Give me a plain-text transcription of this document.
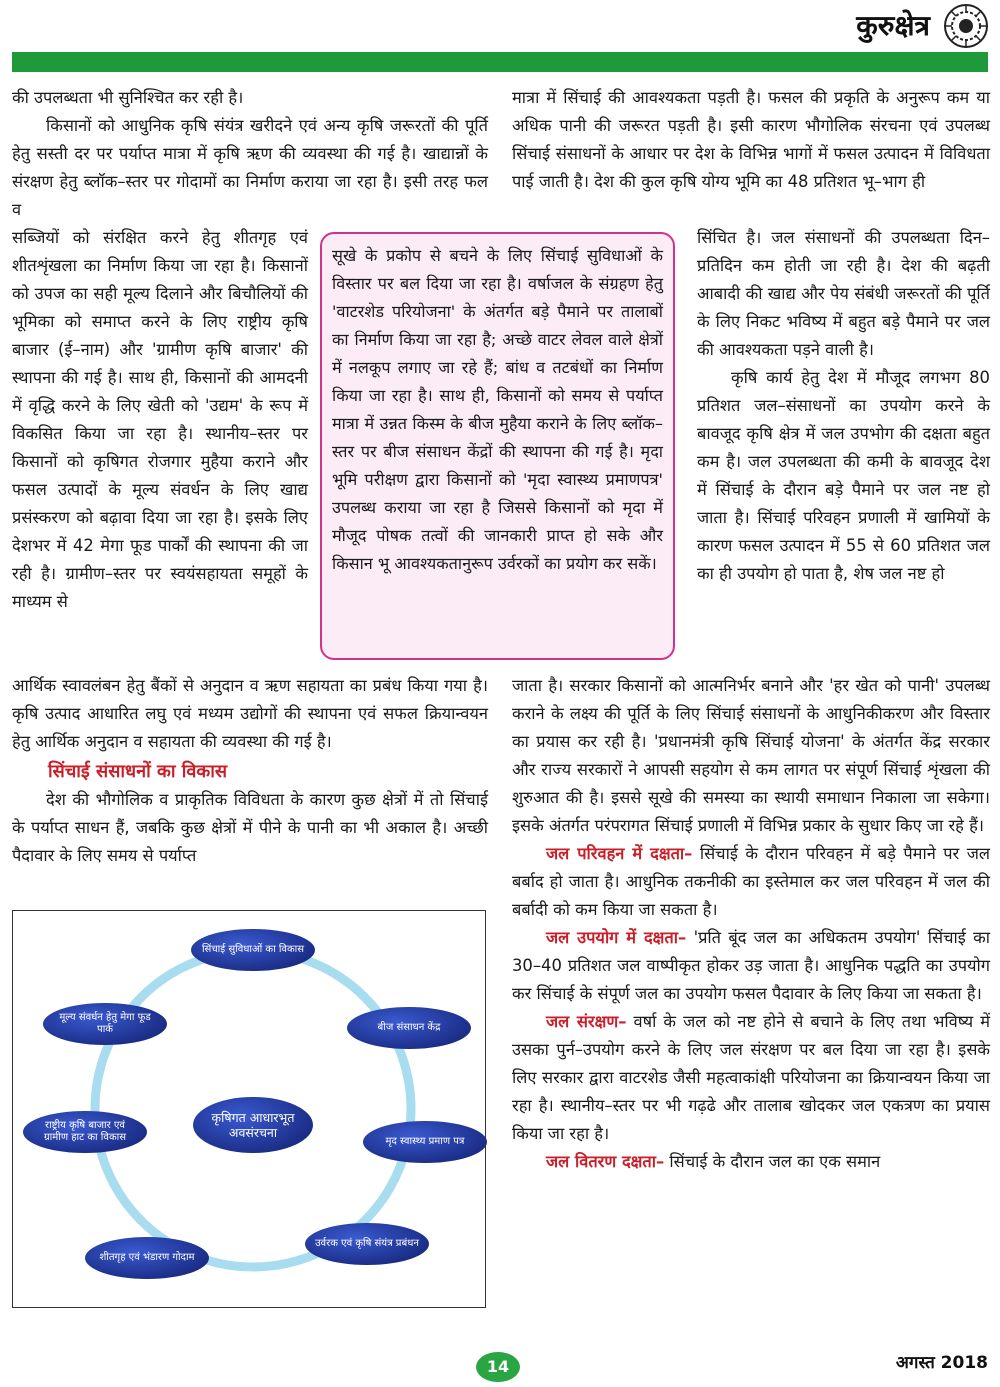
कुरुक्षेत्र

की उपलब्धता भी सुनिश्चित कर रही है।

किसानों को आधुनिक कृषि संयंत्र खरीदने एवं अन्य कृषि जरूरतों की पूर्ति हेतु सस्ती दर पर पर्याप्त मात्रा में कृषि ऋण की व्यवस्था की गई है। खाद्यान्नों के संरक्षण हेतु ब्लॉक–स्तर पर गोदामों का निर्माण कराया जा रहा है। इसी तरह फल व

सब्जियों को संरक्षित करने हेतु शीतगृह एवं शीतशृंखला का निर्माण किया जा रहा है। किसानों को उपज का सही मूल्य दिलाने और बिचौलियों की भूमिका को समाप्त करने के लिए राष्ट्रीय कृषि बाजार (ई–नाम) और 'ग्रामीण कृषि बाजार' की स्थापना की गई है। साथ ही, किसानों की आमदनी में वृद्धि करने के लिए खेती को 'उद्यम' के रूप में विकसित किया जा रहा है। स्थानीय–स्तर पर किसानों को कृषिगत रोजगार मुहैया कराने और फसल उत्पादों के मूल्य संवर्धन के लिए खाद्य प्रसंस्करण को बढ़ावा दिया जा रहा है। इसके लिए देशभर में 42 मेगा फूड पार्कों की स्थापना की जा रही है। ग्रामीण–स्तर पर स्वयंसहायता समूहों के माध्यम से

आर्थिक स्वावलंबन हेतु बैंकों से अनुदान व ऋण सहायता का प्रबंध किया गया है। कृषि उत्पाद आधारित लघु एवं मध्यम उद्योगों की स्थापना एवं सफल क्रियान्वयन हेतु आर्थिक अनुदान व सहायता की व्यवस्था की गई है।

सिंचाई संसाधनों का विकास

देश की भौगोलिक व प्राकृतिक विविधता के कारण कुछ क्षेत्रों में तो सिंचाई के पर्याप्त साधन हैं, जबकि कुछ क्षेत्रों में पीने के पानी का भी अकाल है। अच्छी पैदावार के लिए समय से पर्याप्त

सूखे के प्रकोप से बचने के लिए सिंचाई सुविधाओं के विस्तार पर बल दिया जा रहा है। वर्षाजल के संग्रहण हेतु 'वाटरशेड परियोजना' के अंतर्गत बड़े पैमाने पर तालाबों का निर्माण किया जा रहा है; अच्छे वाटर लेवल वाले क्षेत्रों में नलकूप लगाए जा रहे हैं; बांध व तटबंधों का निर्माण किया जा रहा है। साथ ही, किसानों को समय से पर्याप्त मात्रा में उन्नत किस्म के बीज मुहैया कराने के लिए ब्लॉक–स्तर पर बीज संसाधन केंद्रों की स्थापना की गई है। मृदा भूमि परीक्षण द्वारा किसानों को 'मृदा स्वास्थ्य प्रमाणपत्र' उपलब्ध कराया जा रहा है जिससे किसानों को मृदा में मौजूद पोषक तत्वों की जानकारी प्राप्त हो सके और किसान भू आवश्यकतानुरूप उर्वरकों का प्रयोग कर सकें।
सिंचाई सुविधाओं का विकास
बीज संसाधन केंद्र
मृद स्वास्थ्य प्रमाण पत्र
उर्वरक एवं कृषि संयंत्र प्रबंधन
शीतगृह एवं भंडारण गोदाम
राष्ट्रीय कृषि बाजार एवं ग्रामीण हाट का विकास
मूल्य संवर्धन हेतु मेगा फूड पार्क
कृषिगत आधारभूत अवसंरचना

मात्रा में सिंचाई की आवश्यकता पड़ती है। फसल की प्रकृति के अनुरूप कम या अधिक पानी की जरूरत पड़ती है। इसी कारण भौगोलिक संरचना एवं उपलब्ध सिंचाई संसाधनों के आधार पर देश के विभिन्न भागों में फसल उत्पादन में विविधता पाई जाती है। देश की कुल कृषि योग्य भूमि का 48 प्रतिशत भू–भाग ही

सिंचित है। जल संसाधनों की उपलब्धता दिन–प्रतिदिन कम होती जा रही है। देश की बढ़ती आबादी की खाद्य और पेय संबंधी जरूरतों की पूर्ति के लिए निकट भविष्य में बहुत बड़े पैमाने पर जल की आवश्यकता पड़ने वाली है।

कृषि कार्य हेतु देश में मौजूद लगभग 80 प्रतिशत जल–संसाधनों का उपयोग करने के बावजूद कृषि क्षेत्र में जल उपभोग की दक्षता बहुत कम है। जल उपलब्धता की कमी के बावजूद देश में सिंचाई के दौरान बड़े पैमाने पर जल नष्ट हो जाता है। सिंचाई परिवहन प्रणाली में खामियों के कारण फसल उत्पादन में 55 से 60 प्रतिशत जल का ही उपयोग हो पाता है, शेष जल नष्ट हो

जाता है। सरकार किसानों को आत्मनिर्भर बनाने और 'हर खेत को पानी' उपलब्ध कराने के लक्ष्य की पूर्ति के लिए सिंचाई संसाधनों के आधुनिकीकरण और विस्तार का प्रयास कर रही है। 'प्रधानमंत्री कृषि सिंचाई योजना' के अंतर्गत केंद्र सरकार और राज्य सरकारों ने आपसी सहयोग से कम लागत पर संपूर्ण सिंचाई शृंखला की शुरुआत की है। इससे सूखे की समस्या का स्थायी समाधान निकाला जा सकेगा। इसके अंतर्गत परंपरागत सिंचाई प्रणाली में विभिन्न प्रकार के सुधार किए जा रहे हैं।

जल परिवहन में दक्षता– सिंचाई के दौरान परिवहन में बड़े पैमाने पर जल बर्बाद हो जाता है। आधुनिक तकनीकी का इस्तेमाल कर जल परिवहन में जल की बर्बादी को कम किया जा सकता है।

जल उपयोग में दक्षता– 'प्रति बूंद जल का अधिकतम उपयोग' सिंचाई का 30–40 प्रतिशत जल वाष्पीकृत होकर उड़ जाता है। आधुनिक पद्धति का उपयोग कर सिंचाई के संपूर्ण जल का उपयोग फसल पैदावार के लिए किया जा सकता है।

जल संरक्षण– वर्षा के जल को नष्ट होने से बचाने के लिए तथा भविष्य में उसका पुर्न–उपयोग करने के लिए जल संरक्षण पर बल दिया जा रहा है। इसके लिए सरकार द्वारा वाटरशेड जैसी महत्वाकांक्षी परियोजना का क्रियान्वयन किया जा रहा है। स्थानीय–स्तर पर भी गढ़ढे और तालाब खोदकर जल एकत्रण का प्रयास किया जा रहा है।

जल वितरण दक्षता– सिंचाई के दौरान जल का एक समान

14	अगस्त 2018
